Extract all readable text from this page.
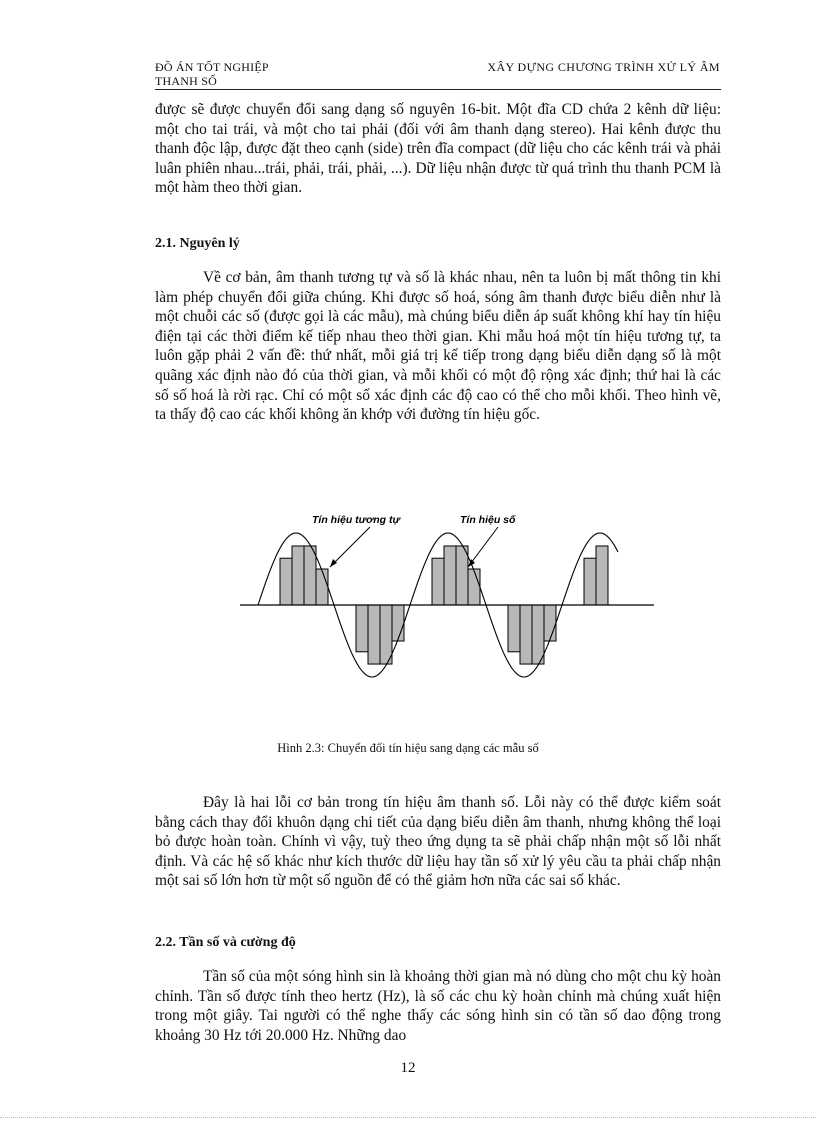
ĐỒ ÁN TỐT NGHIỆP
THANH SỐ
XÂY DỰNG CHƯƠNG TRÌNH XỬ LÝ ÂM

được sẽ được chuyển đổi sang dạng số nguyên 16-bit. Một đĩa CD chứa 2 kênh dữ liệu: một cho tai trái, và một cho tai phải (đối với âm thanh dạng stereo). Hai kênh được thu thanh độc lập, được đặt theo cạnh (side) trên đĩa compact (dữ liệu cho các kênh trái và phải luân phiên nhau...trái, phải, trái, phải, ...). Dữ liệu nhận được từ quá trình thu thanh PCM là một hàm theo thời gian.

2.1. Nguyên lý

Về cơ bản, âm thanh tương tự và số là khác nhau, nên ta luôn bị mất thông tin khi làm phép chuyển đổi giữa chúng. Khi được số hoá, sóng âm thanh được biểu diễn như là một chuỗi các số (được gọi là các mẫu), mà chúng biểu diễn áp suất không khí hay tín hiệu điện tại các thời điểm kế tiếp nhau theo thời gian. Khi mẫu hoá một tín hiệu tương tự, ta luôn gặp phải 2 vấn đề: thứ nhất, mỗi giá trị kế tiếp trong dạng biểu diễn dạng số là một quãng xác định nào đó của thời gian, và mỗi khối có một độ rộng xác định; thứ hai là các số số hoá là rời rạc. Chỉ có một số xác định các độ cao có thể cho mỗi khối. Theo hình vẽ, ta thấy độ cao các khối không ăn khớp với đường tín hiệu gốc.

Tín hiệu tương tự	Tín hiệu số
Hình 2.3: Chuyển đổi tín hiệu sang dạng các mẫu số

Đây là hai lỗi cơ bản trong tín hiệu âm thanh số. Lỗi này có thể được kiểm soát bằng cách thay đổi khuôn dạng chi tiết của dạng biểu diễn âm thanh, nhưng không thể loại bỏ được hoàn toàn. Chính vì vậy, tuỳ theo ứng dụng ta sẽ phải chấp nhận một số lỗi nhất định. Và các hệ số khác như kích thước dữ liệu hay tần số xử lý yêu cầu ta phải chấp nhận một sai số lớn hơn từ một số nguồn để có thể giảm hơn nữa các sai số khác.

2.2. Tần số và cường độ

Tần số của một sóng hình sin là khoảng thời gian mà nó dùng cho một chu kỳ hoàn chỉnh. Tần số được tính theo hertz (Hz), là số các chu kỳ hoàn chỉnh mà chúng xuất hiện trong một giây. Tai người có thể nghe thấy các sóng hình sin có tần số dao động trong khoảng 30 Hz tới 20.000 Hz. Những dao

12
